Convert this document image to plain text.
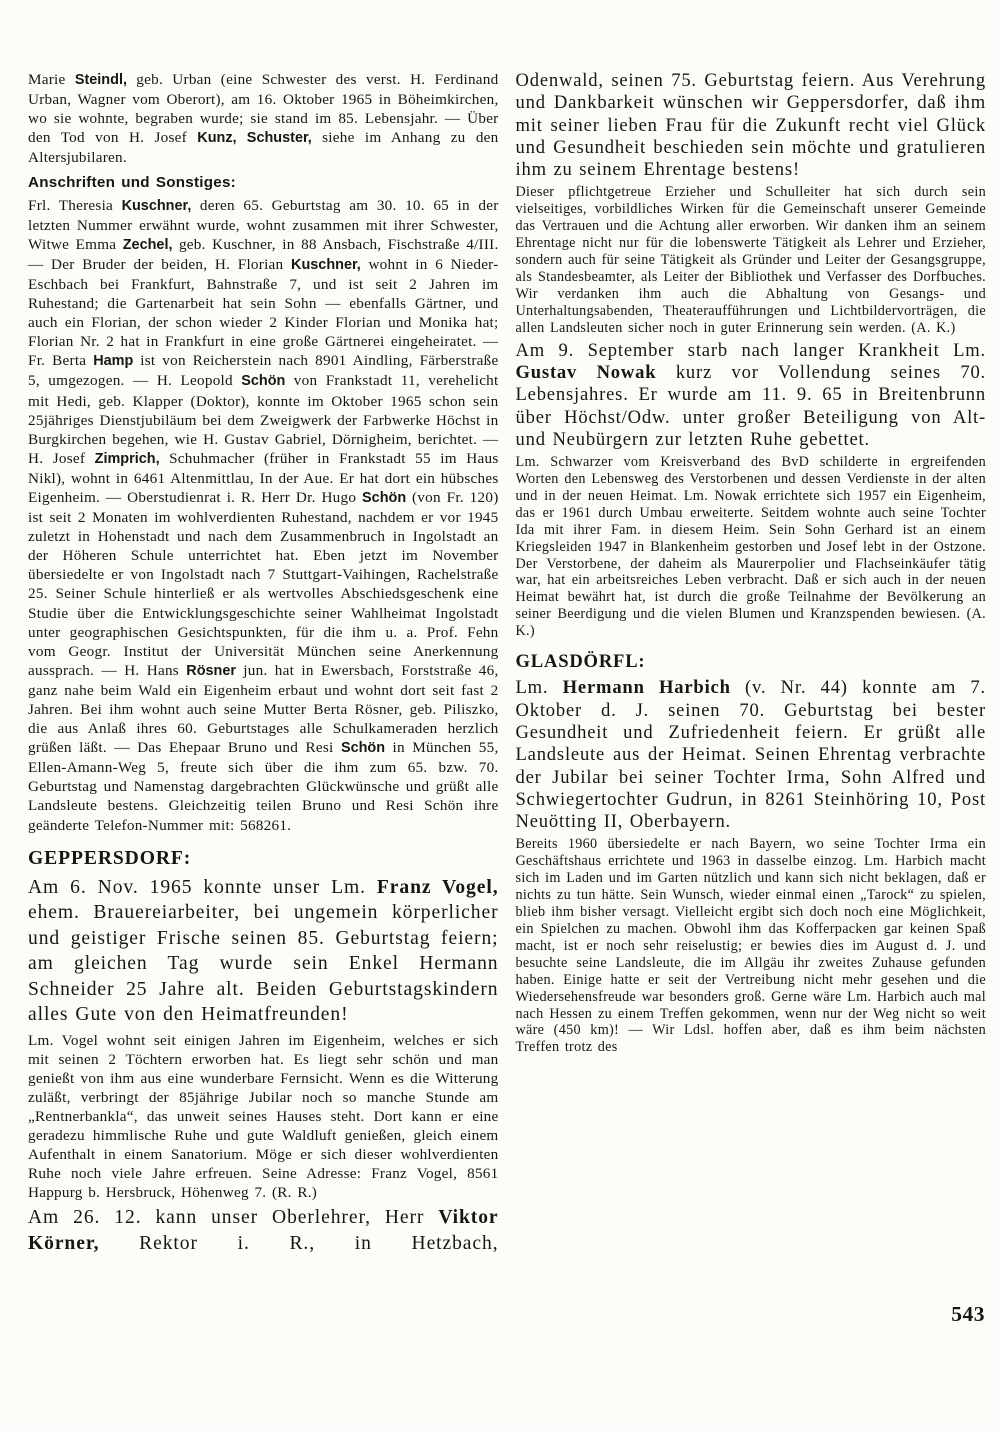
Marie Steindl, geb. Urban (eine Schwester des verst. H. Ferdinand Urban, Wagner vom Oberort), am 16. Oktober 1965 in Böheimkirchen, wo sie wohnte, begraben wurde; sie stand im 85. Lebensjahr. — Über den Tod von H. Josef Kunz, Schuster, siehe im Anhang zu den Altersjubilaren.

Anschriften und Sonstiges:

Frl. Theresia Kuschner, deren 65. Geburtstag am 30. 10. 65 in der letzten Nummer erwähnt wurde, wohnt zusammen mit ihrer Schwester, Witwe Emma Zechel, geb. Kuschner, in 88 Ansbach, Fischstraße 4/III. — Der Bruder der beiden, H. Florian Kuschner, wohnt in 6 Nieder-Eschbach bei Frankfurt, Bahnstraße 7, und ist seit 2 Jahren im Ruhestand; die Gartenarbeit hat sein Sohn — ebenfalls Gärtner, und auch ein Florian, der schon wieder 2 Kinder Florian und Monika hat; Florian Nr. 2 hat in Frankfurt in eine große Gärtnerei eingeheiratet. — Fr. Berta Hamp ist von Reicherstein nach 8901 Aindling, Färberstraße 5, umgezogen. — H. Leopold Schön von Frankstadt 11, verehelicht mit Hedi, geb. Klapper (Doktor), konnte im Oktober 1965 schon sein 25jähriges Dienstjubiläum bei dem Zweigwerk der Farbwerke Höchst in Burgkirchen begehen, wie H. Gustav Gabriel, Dörnigheim, berichtet. — H. Josef Zimprich, Schuhmacher (früher in Frankstadt 55 im Haus Nikl), wohnt in 6461 Altenmittlau, In der Aue. Er hat dort ein hübsches Eigenheim. — Oberstudienrat i. R. Herr Dr. Hugo Schön (von Fr. 120) ist seit 2 Monaten im wohlverdienten Ruhestand, nachdem er vor 1945 zuletzt in Hohenstadt und nach dem Zusammenbruch in Ingolstadt an der Höheren Schule unterrichtet hat. Eben jetzt im November übersiedelte er von Ingolstadt nach 7 Stuttgart-Vaihingen, Rachelstraße 25. Seiner Schule hinterließ er als wertvolles Abschiedsgeschenk eine Studie über die Entwicklungsgeschichte seiner Wahlheimat Ingolstadt unter geographischen Gesichtspunkten, für die ihm u. a. Prof. Fehn vom Geogr. Institut der Universität München seine Anerkennung aussprach. — H. Hans Rösner jun. hat in Ewersbach, Forststraße 46, ganz nahe beim Wald ein Eigenheim erbaut und wohnt dort seit fast 2 Jahren. Bei ihm wohnt auch seine Mutter Berta Rösner, geb. Piliszko, die aus Anlaß ihres 60. Geburtstages alle Schulkameraden herzlich grüßen läßt. — Das Ehepaar Bruno und Resi Schön in München 55, Ellen-Amann-Weg 5, freute sich über die ihm zum 65. bzw. 70. Geburtstag und Namenstag dargebrachten Glückwünsche und grüßt alle Landsleute bestens. Gleichzeitig teilen Bruno und Resi Schön ihre geänderte Telefon-Nummer mit: 568261.

GEPPERSDORF:

Am 6. Nov. 1965 konnte unser Lm. Franz Vogel, ehem. Brauereiarbeiter, bei ungemein körperlicher und geistiger Frische seinen 85. Geburtstag feiern; am gleichen Tag wurde sein Enkel Hermann Schneider 25 Jahre alt. Beiden Geburtstagskindern alles Gute von den Heimatfreunden!

Lm. Vogel wohnt seit einigen Jahren im Eigenheim, welches er sich mit seinen 2 Töchtern erworben hat. Es liegt sehr schön und man genießt von ihm aus eine wunderbare Fernsicht. Wenn es die Witterung zuläßt, verbringt der 85jährige Jubilar noch so manche Stunde am „Rentnerbankla“, das unweit seines Hauses steht. Dort kann er eine geradezu himmlische Ruhe und gute Waldluft genießen, gleich einem Aufenthalt in einem Sanatorium. Möge er sich dieser wohlverdienten Ruhe noch viele Jahre erfreuen. Seine Adresse: Franz Vogel, 8561 Happurg b. Hersbruck, Höhenweg 7. (R. R.)

Am 26. 12. kann unser Oberlehrer, Herr Viktor Körner, Rektor i. R., in Hetzbach,

Odenwald, seinen 75. Geburtstag feiern. Aus Verehrung und Dankbarkeit wünschen wir Geppersdorfer, daß ihm mit seiner lieben Frau für die Zukunft recht viel Glück und Gesundheit beschieden sein möchte und gratulieren ihm zu seinem Ehrentage bestens!

Dieser pflichtgetreue Erzieher und Schulleiter hat sich durch sein vielseitiges, vorbildliches Wirken für die Gemeinschaft unserer Gemeinde das Vertrauen und die Achtung aller erworben. Wir danken ihm an seinem Ehrentage nicht nur für die lobenswerte Tätigkeit als Lehrer und Erzieher, sondern auch für seine Tätigkeit als Gründer und Leiter der Gesangsgruppe, als Standesbeamter, als Leiter der Bibliothek und Verfasser des Dorfbuches. Wir verdanken ihm auch die Abhaltung von Gesangs- und Unterhaltungsabenden, Theateraufführungen und Lichtbildervorträgen, die allen Landsleuten sicher noch in guter Erinnerung sein werden. (A. K.)

Am 9. September starb nach langer Krankheit Lm. Gustav Nowak kurz vor Vollendung seines 70. Lebensjahres. Er wurde am 11. 9. 65 in Breitenbrunn über Höchst/Odw. unter großer Beteiligung von Alt- und Neubürgern zur letzten Ruhe gebettet.

Lm. Schwarzer vom Kreisverband des BvD schilderte in ergreifenden Worten den Lebensweg des Verstorbenen und dessen Verdienste in der alten und in der neuen Heimat. Lm. Nowak errichtete sich 1957 ein Eigenheim, das er 1961 durch Umbau erweiterte. Seitdem wohnte auch seine Tochter Ida mit ihrer Fam. in diesem Heim. Sein Sohn Gerhard ist an einem Kriegsleiden 1947 in Blankenheim gestorben und Josef lebt in der Ostzone. Der Verstorbene, der daheim als Maurerpolier und Flachseinkäufer tätig war, hat ein arbeitsreiches Leben verbracht. Daß er sich auch in der neuen Heimat bewährt hat, ist durch die große Teilnahme der Bevölkerung an seiner Beerdigung und die vielen Blumen und Kranzspenden bewiesen. (A. K.)

GLASDÖRFL:

Lm. Hermann Harbich (v. Nr. 44) konnte am 7. Oktober d. J. seinen 70. Geburtstag bei bester Gesundheit und Zufriedenheit feiern. Er grüßt alle Landsleute aus der Heimat. Seinen Ehrentag verbrachte der Jubilar bei seiner Tochter Irma, Sohn Alfred und Schwiegertochter Gudrun, in 8261 Steinhöring 10, Post Neuötting II, Oberbayern.

Bereits 1960 übersiedelte er nach Bayern, wo seine Tochter Irma ein Geschäftshaus errichtete und 1963 in dasselbe einzog. Lm. Harbich macht sich im Laden und im Garten nützlich und kann sich nicht beklagen, daß er nichts zu tun hätte. Sein Wunsch, wieder einmal einen „Tarock“ zu spielen, blieb ihm bisher versagt. Vielleicht ergibt sich doch noch eine Möglichkeit, ein Spielchen zu machen. Obwohl ihm das Kofferpacken gar keinen Spaß macht, ist er noch sehr reiselustig; er bewies dies im August d. J. und besuchte seine Landsleute, die im Allgäu ihr zweites Zuhause gefunden haben. Einige hatte er seit der Vertreibung nicht mehr gesehen und die Wiedersehensfreude war besonders groß. Gerne wäre Lm. Harbich auch mal nach Hessen zu einem Treffen gekommen, wenn nur der Weg nicht so weit wäre (450 km)! — Wir Ldsl. hoffen aber, daß es ihm beim nächsten Treffen trotz des

543
